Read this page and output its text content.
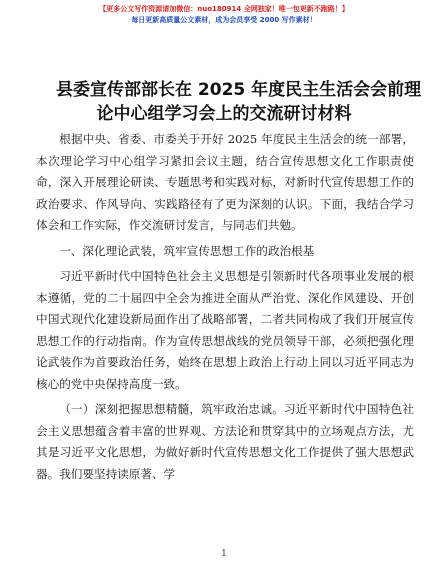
【更多公文写作资源请加微信：nuo180914 全网独家！唯一包更新不跑路！】
每日更新高质量公文素材，成为会员享受 2000 写作素材！
县委宣传部部长在 2025 年度民主生活会会前理
论中心组学习会上的交流研讨材料

根据中央、省委、市委关于开好 2025 年度民主生活会的统一部署，本次理论学习中心组学习紧扣会议主题，结合宣传思想文化工作职责使命，深入开展理论研读、专题思考和实践对标，对新时代宣传思想工作的政治要求、作风导向、实践路径有了更为深刻的认识。下面，我结合学习体会和工作实际，作交流研讨发言，与同志们共勉。

一、深化理论武装，筑牢宣传思想工作的政治根基

习近平新时代中国特色社会主义思想是引领新时代各项事业发展的根本遵循，党的二十届四中全会为推进全面从严治党、深化作风建设、开创中国式现代化建设新局面作出了战略部署，二者共同构成了我们开展宣传思想工作的行动指南。作为宣传思想战线的党员领导干部，必须把强化理论武装作为首要政治任务，始终在思想上政治上行动上同以习近平同志为核心的党中央保持高度一致。

（一）深刻把握思想精髓，筑牢政治忠诚。习近平新时代中国特色社会主义思想蕴含着丰富的世界观、方法论和贯穿其中的立场观点方法，尤其是习近平文化思想，为做好新时代宣传思想文化工作提供了强大思想武器。我们要坚持读原著、学

1
